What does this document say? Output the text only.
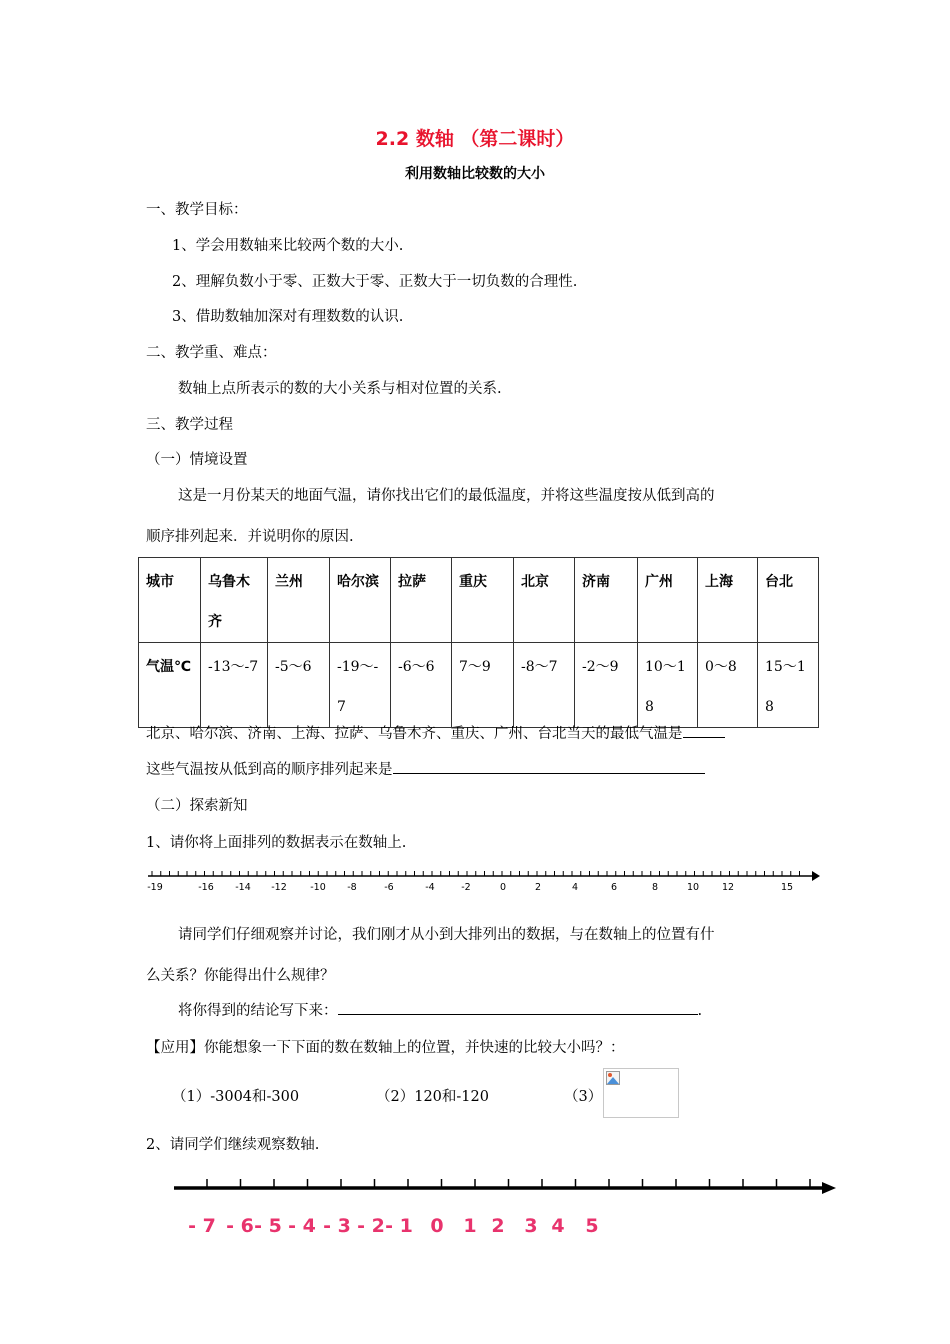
2.2 数轴 （第二课时）
利用数轴比较数的大小
一、教学目标：
1、学会用数轴来比较两个数的大小.
2、理解负数小于零、正数大于零、正数大于一切负数的合理性.
3、借助数轴加深对有理数数的认识.
二、教学重、难点：
数轴上点所表示的数的大小关系与相对位置的关系.
三、教学过程
（一）情境设置
这是一月份某天的地面气温，请你找出它们的最低温度，并将这些温度按从低到高的
顺序排列起来．并说明你的原因.
城市	乌鲁木齐	兰州	哈尔滨	拉萨	重庆	北京	济南	广州	上海	台北
气温℃	-13～-7	-5～6	-19～-7	-6～6	7～9	-8～7	-2～9	10～18	0～8	15～18
北京、哈尔滨、济南、上海、拉萨、乌鲁木齐、重庆、广州、台北当天的最低气温是
这些气温按从低到高的顺序排列起来是
（二）探索新知
1、请你将上面排列的数据表示在数轴上.
-19	-16 -14 -12 -10 -8	-6	-4	-2	0	2	4	6	8	10 12	15
- 7 - 6 - 5 - 4 - 3 - 2 - 1 0 1 2 3 4 5
请同学们仔细观察并讨论，我们刚才从小到大排列出的数据，与在数轴上的位置有什
么关系？你能得出什么规律？
将你得到的结论写下来：	.
【应用】你能想象一下下面的数在数轴上的位置，并快速的比较大小吗？：
（1）-3004和-300	（2）120和-120	（3）
2、请同学们继续观察数轴.
